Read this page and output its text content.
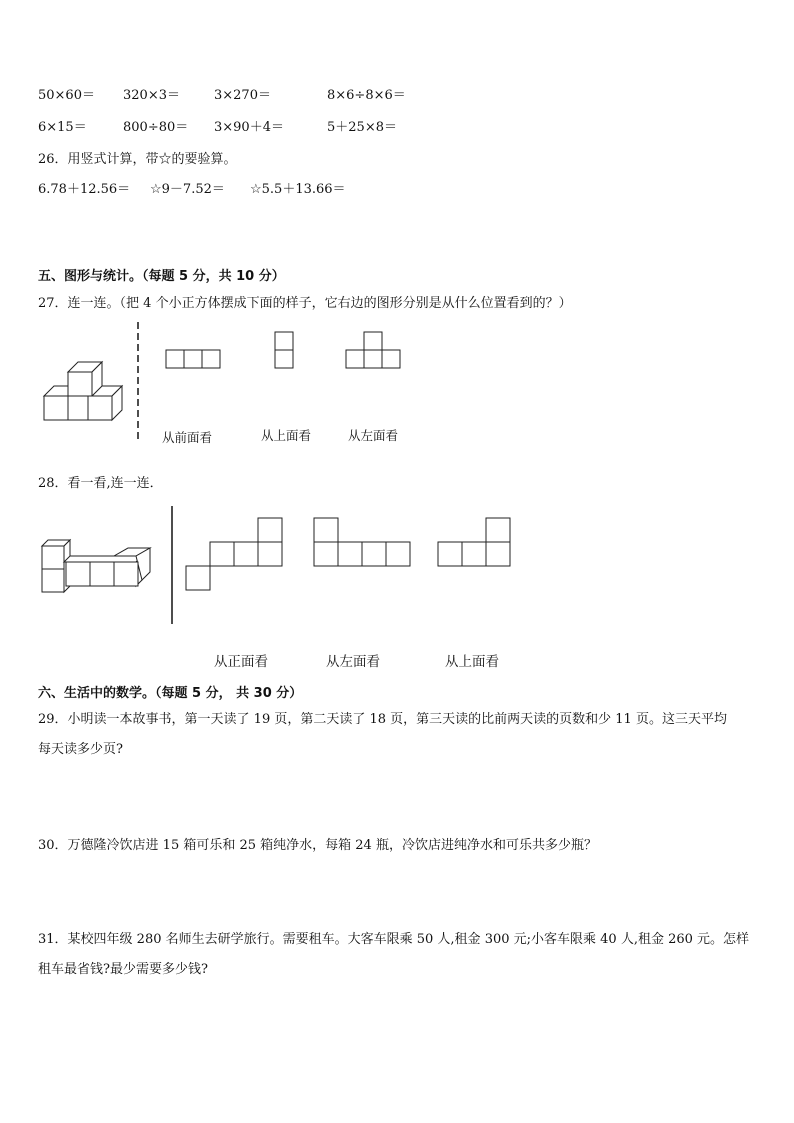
50×60＝ 320×3＝	3×270＝	8×6÷8×6＝
6×15＝	800÷80＝ 3×90＋4＝	5＋25×8＝
26．用竖式计算，带☆的要验算。
6.78＋12.56＝ ☆9－7.52＝ ☆5.5＋13.66＝
五、图形与统计。（每题 5 分，共 10 分）
27．连一连。（把 4 个小正方体摆成下面的样子，它右边的图形分别是从什么位置看到的？）
从前面看	从上面看	从左面看
28．看一看,连一连．
从正面看	从左面看	从上面看
六、生活中的数学。（每题 5 分， 共 30 分）
29．小明读一本故事书，第一天读了 19 页，第二天读了 18 页，第三天读的比前两天读的页数和少 11 页。这三天平均
每天读多少页?
30．万德隆冷饮店进 15 箱可乐和 25 箱纯净水，每箱 24 瓶，冷饮店进纯净水和可乐共多少瓶？
31．某校四年级 280 名师生去研学旅行。需要租车。大客车限乘 50 人,租金 300 元;小客车限乘 40 人,租金 260 元。怎样
租车最省钱?最少需要多少钱?
